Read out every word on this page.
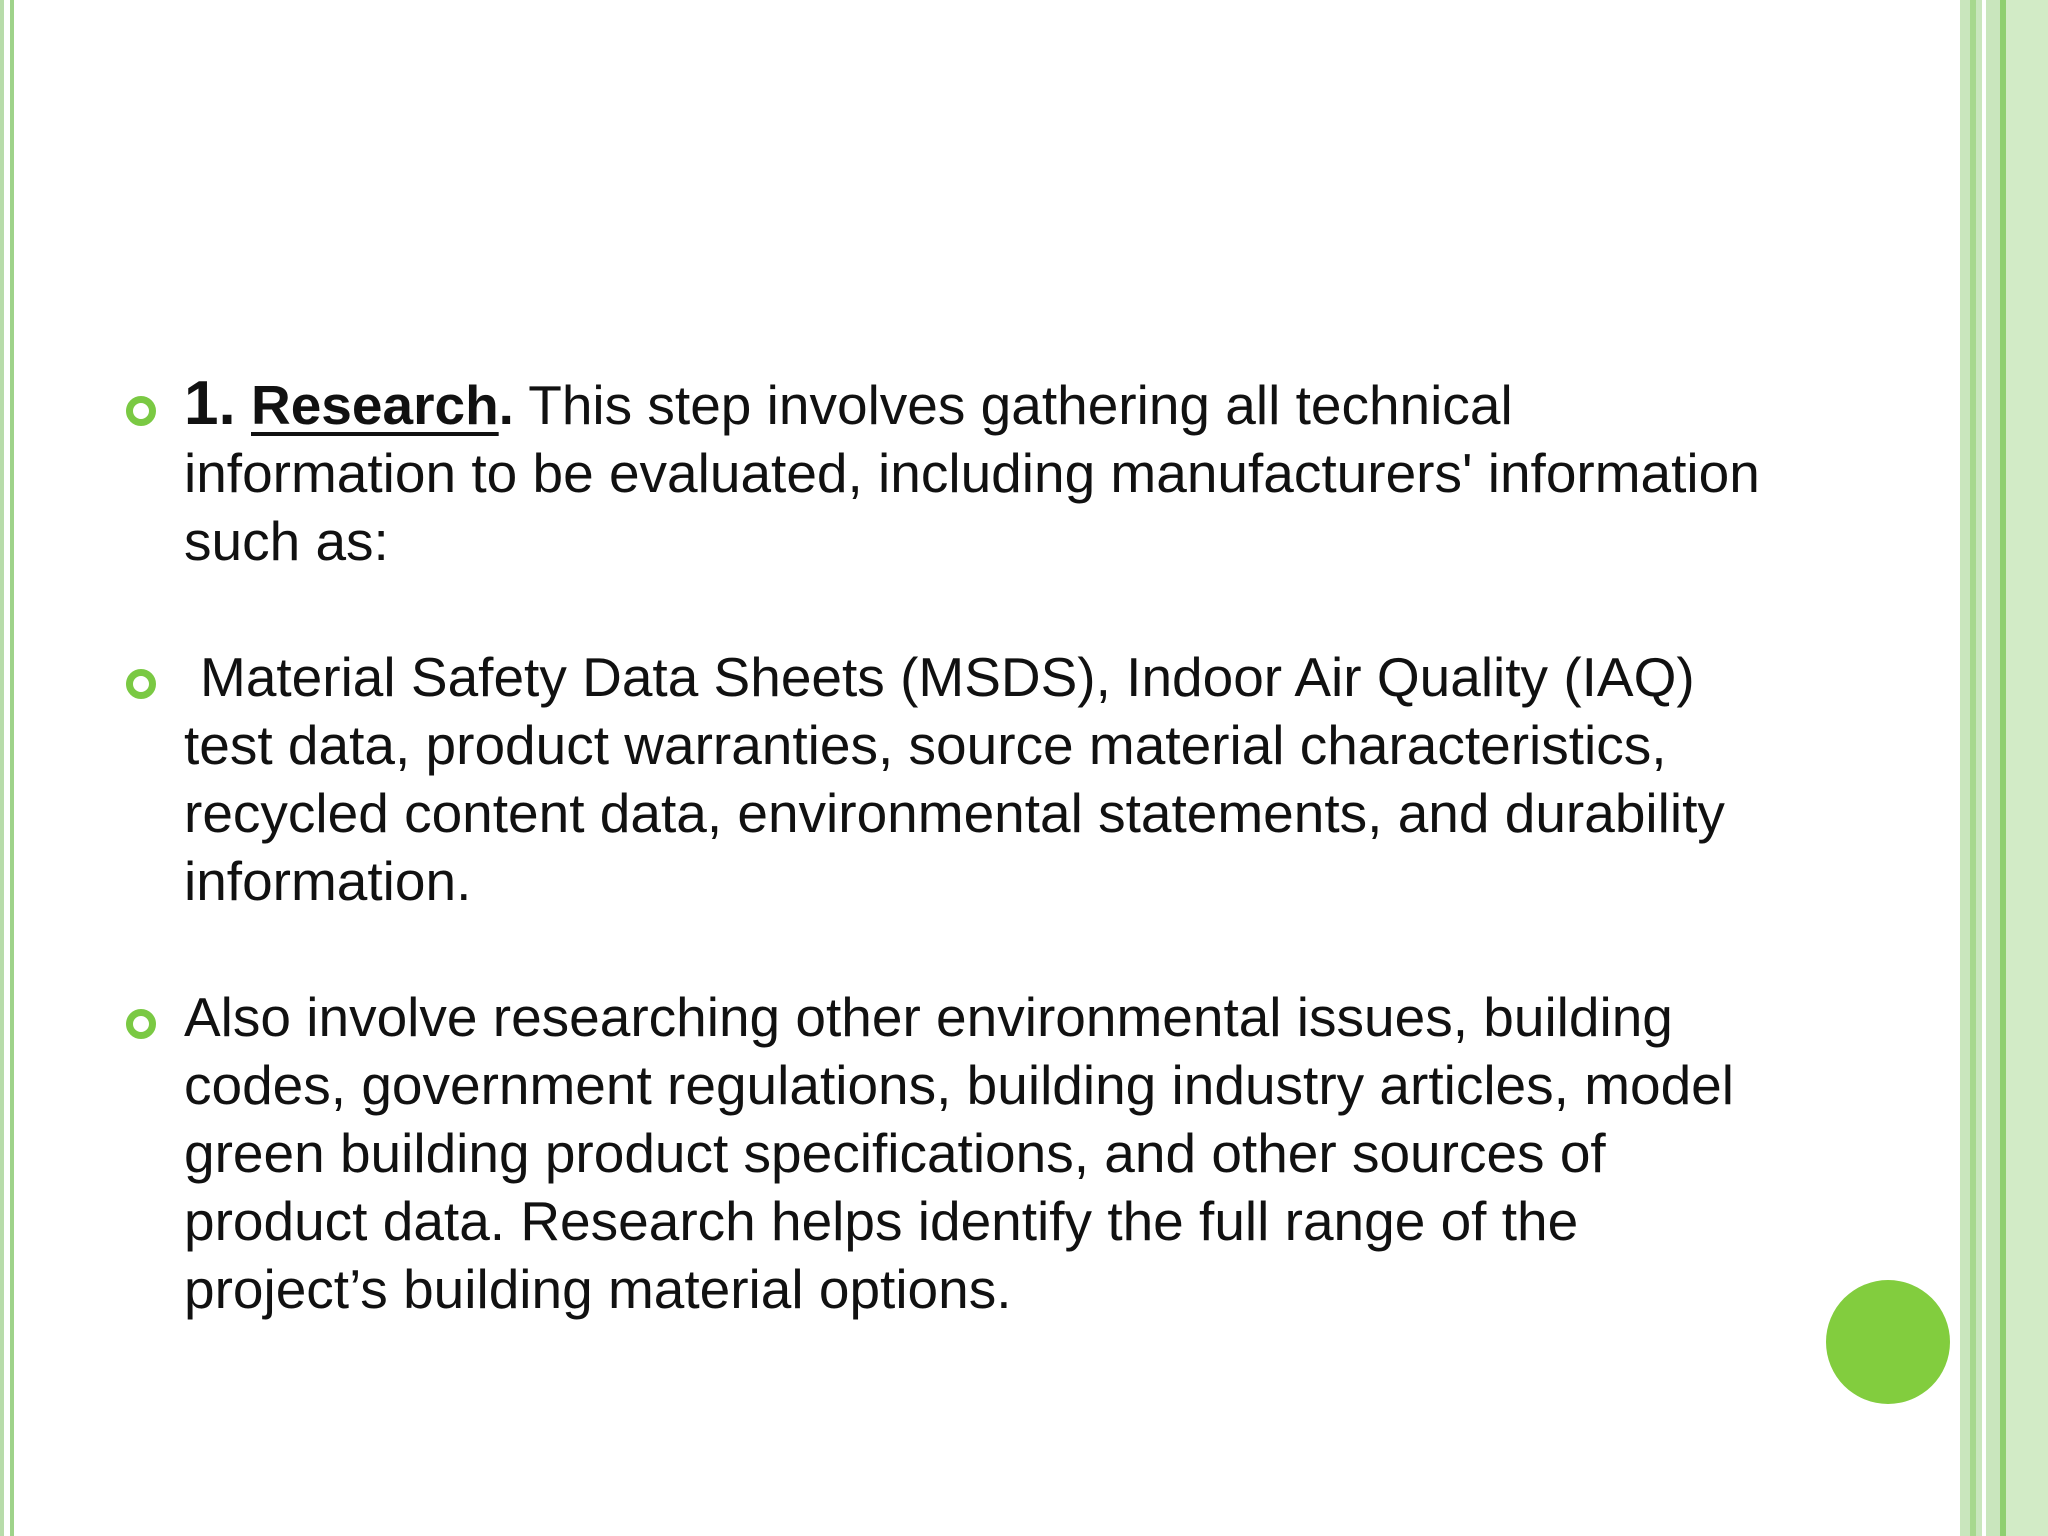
1. Research. This step involves gathering all technical information to be evaluated, including manufacturers' information such as:
Material Safety Data Sheets (MSDS), Indoor Air Quality (IAQ) test data, product warranties, source material characteristics, recycled content data, environmental statements, and durability information.
Also involve researching other environmental issues, building codes, government regulations, building industry articles, model green building product specifications, and other sources of product data. Research helps identify the full range of the project’s building material options.
